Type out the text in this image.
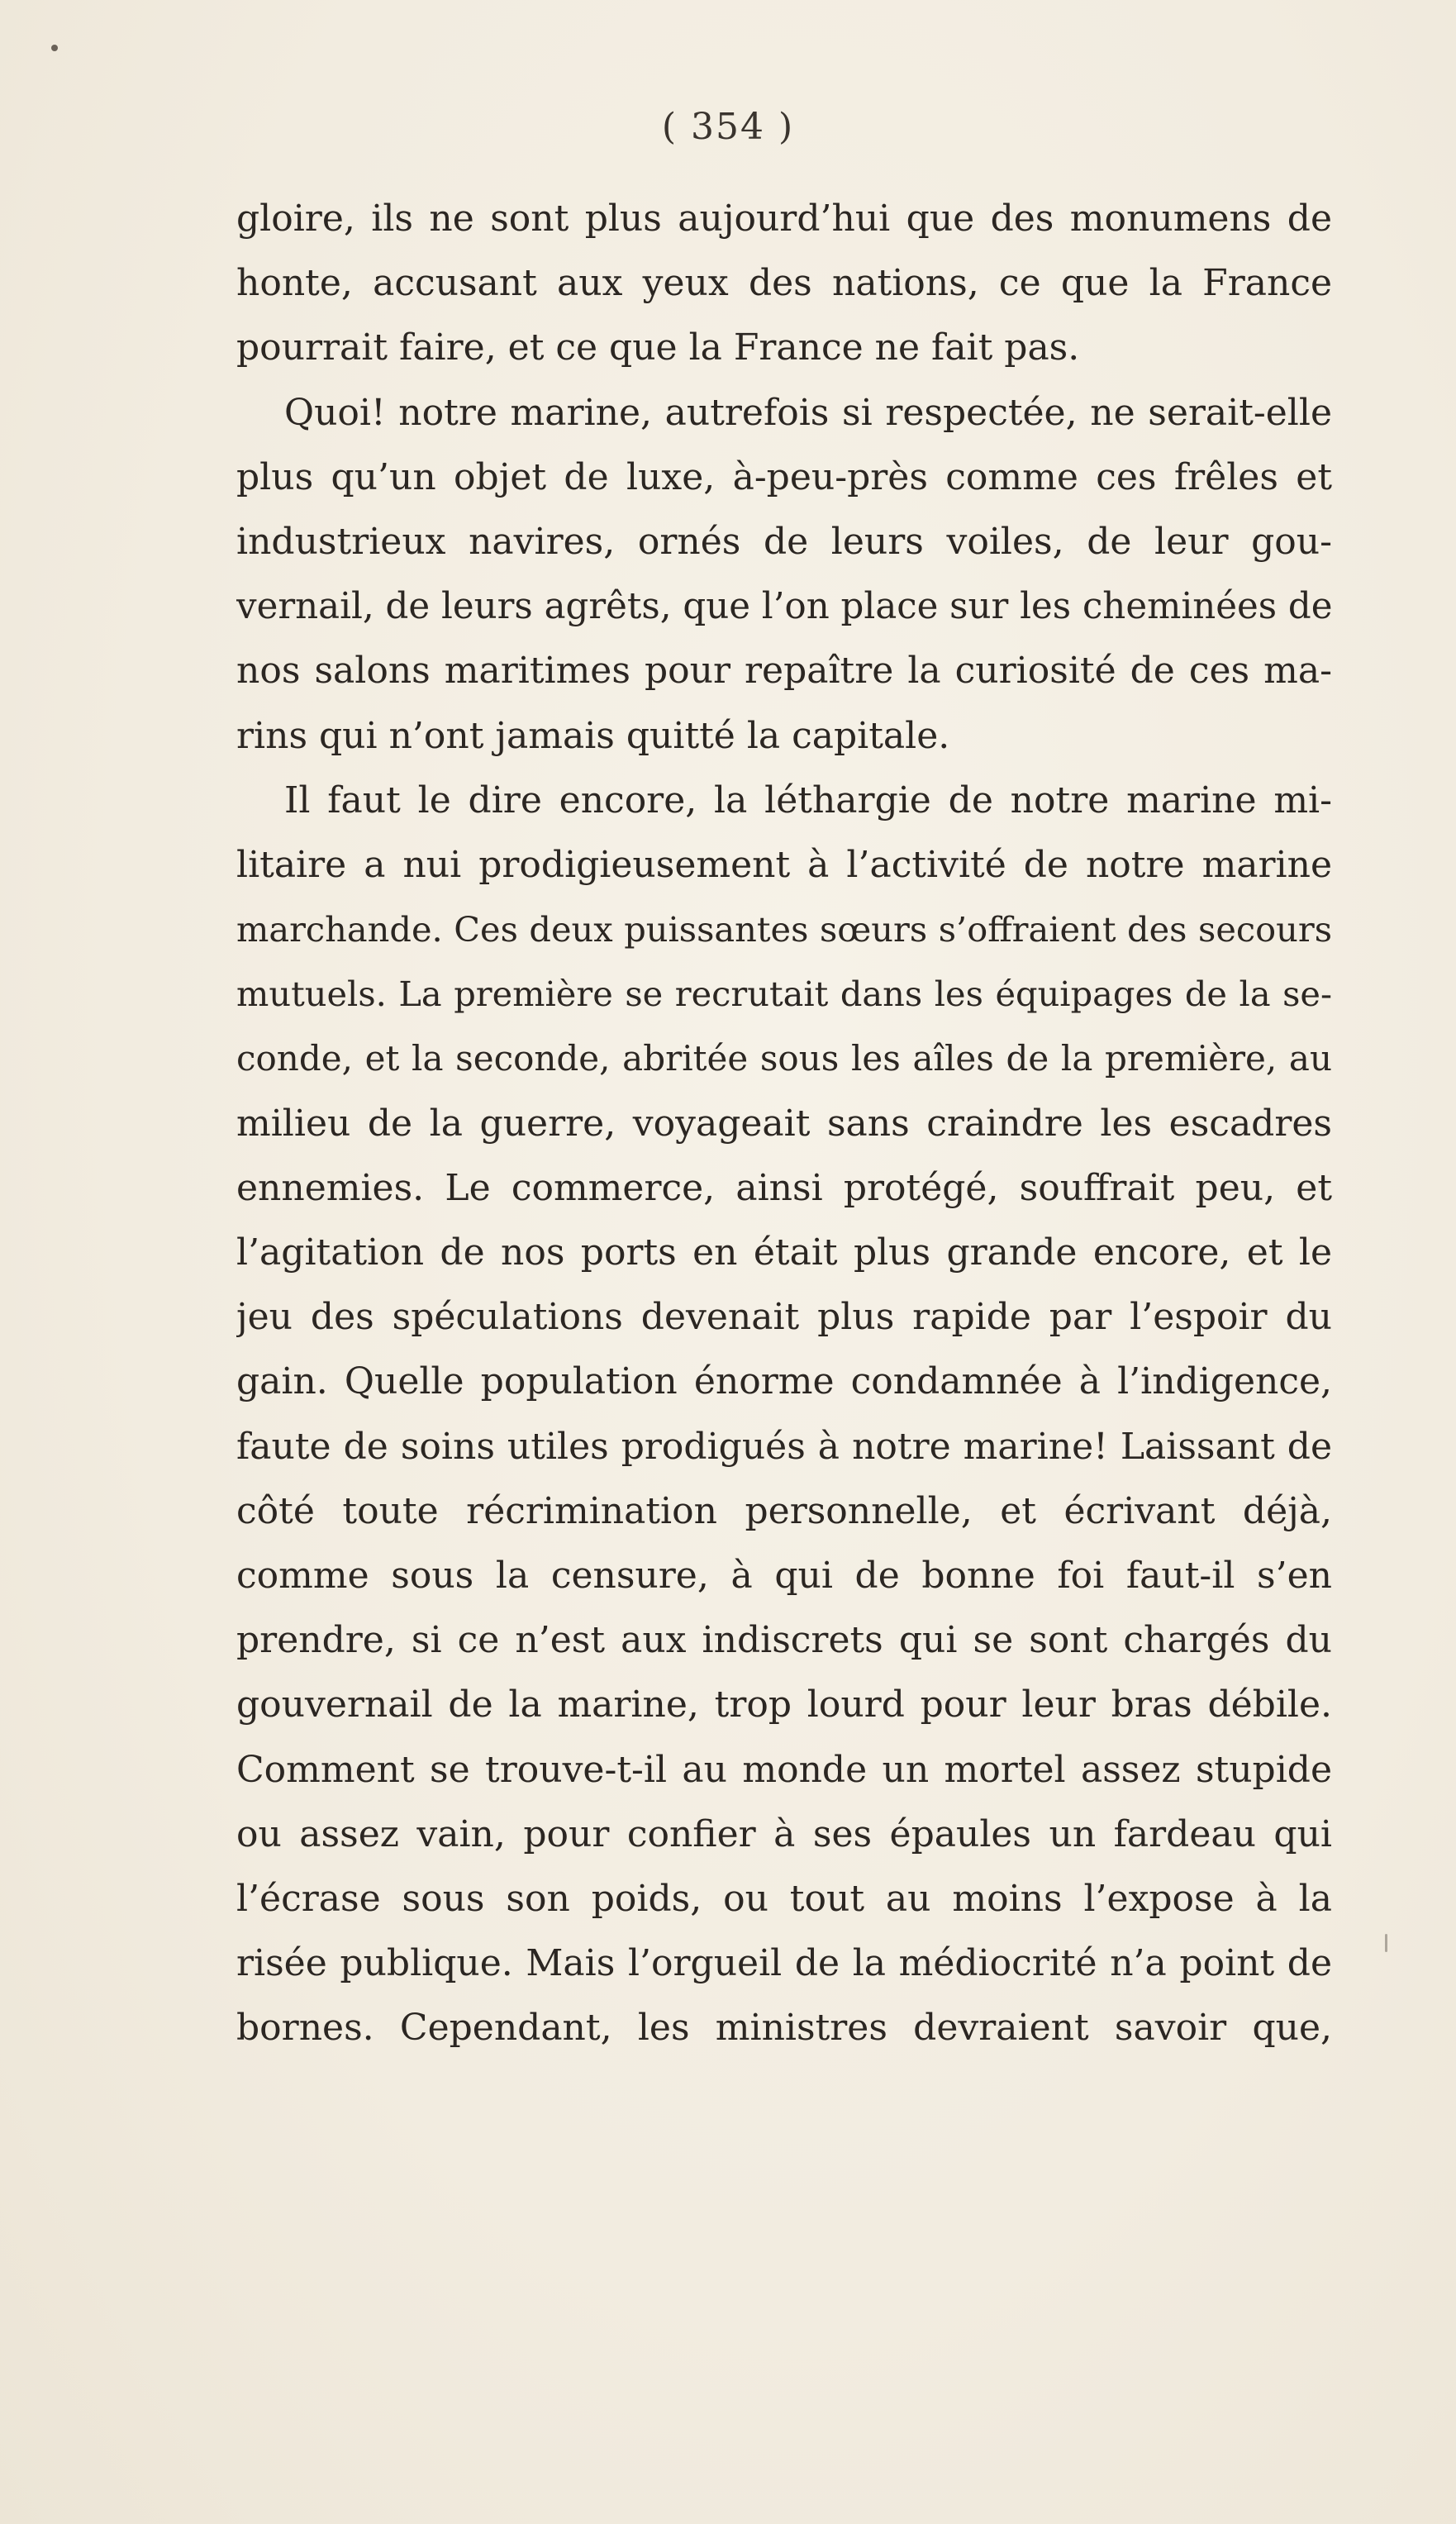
( 354 )
gloire, ils ne sont plus aujourd’hui que des monumens de
honte, accusant aux yeux des nations, ce que la France
pourrait faire, et ce que la France ne fait pas.
Quoi! notre marine, autrefois si respectée, ne serait-elle
plus qu’un objet de luxe, à-peu-près comme ces frêles et
industrieux navires, ornés de leurs voiles, de leur gou-
vernail, de leurs agrêts, que l’on place sur les cheminées de
nos salons maritimes pour repaître la curiosité de ces ma-
rins qui n’ont jamais quitté la capitale.
Il faut le dire encore, la léthargie de notre marine mi-
litaire a nui prodigieusement à l’activité de notre marine
marchande. Ces deux puissantes sœurs s’offraient des secours
mutuels. La première se recrutait dans les équipages de la se-
conde, et la seconde, abritée sous les aîles de la première, au
milieu de la guerre, voyageait sans craindre les escadres
ennemies. Le commerce, ainsi protégé, souffrait peu, et
l’agitation de nos ports en était plus grande encore, et le
jeu des spéculations devenait plus rapide par l’espoir du
gain. Quelle population énorme condamnée à l’indigence,
faute de soins utiles prodigués à notre marine! Laissant de
côté toute récrimination personnelle, et écrivant déjà,
comme sous la censure, à qui de bonne foi faut-il s’en
prendre, si ce n’est aux indiscrets qui se sont chargés du
gouvernail de la marine, trop lourd pour leur bras débile.
Comment se trouve-t-il au monde un mortel assez stupide
ou assez vain, pour confier à ses épaules un fardeau qui
l’écrase sous son poids, ou tout au moins l’expose à la
risée publique. Mais l’orgueil de la médiocrité n’a point de
bornes. Cependant, les ministres devraient savoir que,
